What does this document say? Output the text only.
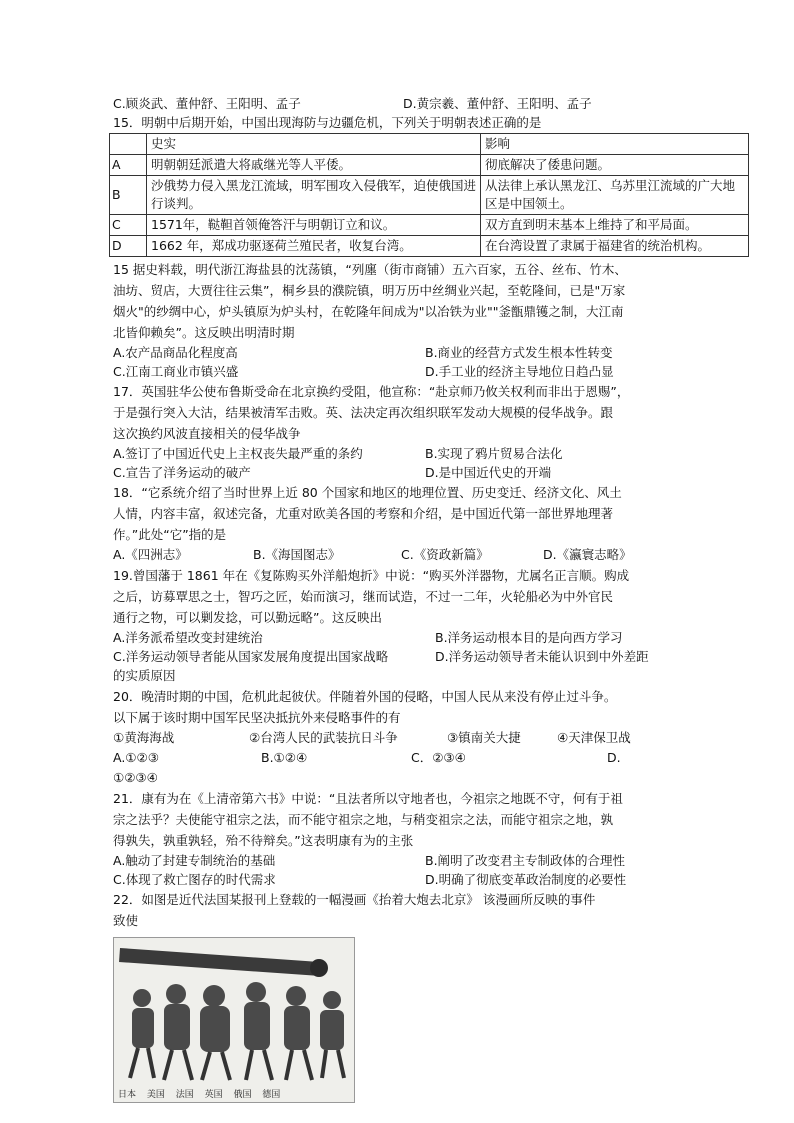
C.顾炎武、董仲舒、王阳明、孟子	D.黄宗羲、董仲舒、王阳明、孟子
15．明朝中后期开始，中国出现海防与边疆危机，下列关于明朝表述正确的是
	史实	影响
A	明朝朝廷派遣大将戚继光等人平倭。	彻底解决了倭患问题。
B	沙俄势力侵入黑龙江流域，明军围攻入侵俄军，迫使俄国进行谈判。	从法律上承认黑龙江、乌苏里江流域的广大地区是中国领土。
C	1571年，鞑靼首领俺答汗与明朝订立和议。	双方直到明末基本上维持了和平局面。
D	1662 年，郑成功驱逐荷兰殖民者，收复台湾。	在台湾设置了隶属于福建省的统治机构。
15 据史料载，明代浙江海盐县的沈荡镇，“列廛（街市商铺）五六百家，五谷、丝布、竹木、
油坊、贸店，大贾往往云集”，桐乡县的濮院镇，明万历中丝绸业兴起，至乾隆间，已是"万家
烟火"的纱绸中心，炉头镇原为炉头村，在乾隆年间成为"以冶铁为业""釜甑鼎镬之制，大江南
北皆仰赖矣”。这反映出明清时期
A.农产品商品化程度高	B.商业的经营方式发生根本性转变
C.江南工商业市镇兴盛	D.手工业的经济主导地位日趋凸显
17．英国驻华公使布鲁斯受命在北京换约受阻，他宣称：“赴京师乃攸关权利而非出于恩赐”，
于是强行突入大沽，结果被清军击败。英、法决定再次组织联军发动大规模的侵华战争。跟
这次换约风波直接相关的侵华战争
A.签订了中国近代史上主权丧失最严重的条约	B.实现了鸦片贸易合法化
C.宣告了洋务运动的破产	D.是中国近代史的开端
18．“它系统介绍了当时世界上近 80 个国家和地区的地理位置、历史变迁、经济文化、风土
人情，内容丰富，叙述完备，尤重对欧美各国的考察和介绍，是中国近代第一部世界地理著
作。”此处“它”指的是
A.《四洲志》	B.《海国图志》	C.《资政新篇》	D.《瀛寰志略》
19.曾国藩于 1861 年在《复陈购买外洋船炮折》中说：“购买外洋器物，尤属名正言顺。购成
之后，访募覃思之士，智巧之匠，始而演习，继而试造，不过一二年，火轮船必为中外官民
通行之物，可以剿发捻，可以勤远略”。这反映出
A.洋务派希望改变封建统治	B.洋务运动根本目的是向西方学习
C.洋务运动领导者能从国家发展角度提出国家战略	D.洋务运动领导者未能认识到中外差距
的实质原因
20．晚清时期的中国，危机此起彼伏。伴随着外国的侵略，中国人民从来没有停止过斗争。
以下属于该时期中国军民坚决抵抗外来侵略事件的有
①黄海海战	②台湾人民的武装抗日斗争	③镇南关大捷	④天津保卫战
A.①②③	B.①②④	C．②③④	D.
①②③④
21．康有为在《上清帝第六书》中说：“且法者所以守地者也，今祖宗之地既不守，何有于祖
宗之法乎？夫使能守祖宗之法，而不能守祖宗之地，与稍变祖宗之法，而能守祖宗之地，孰
得孰失，孰重孰轻，殆不待辩矣。”这表明康有为的主张
A.触动了封建专制统治的基础	B.阐明了改变君主专制政体的合理性
C.体现了救亡图存的时代需求	D.明确了彻底变革政治制度的必要性
22．如图是近代法国某报刊上登载的一幅漫画《抬着大炮去北京》 该漫画所反映的事件
致使
日本 美国 法国 英国 俄国 德国
